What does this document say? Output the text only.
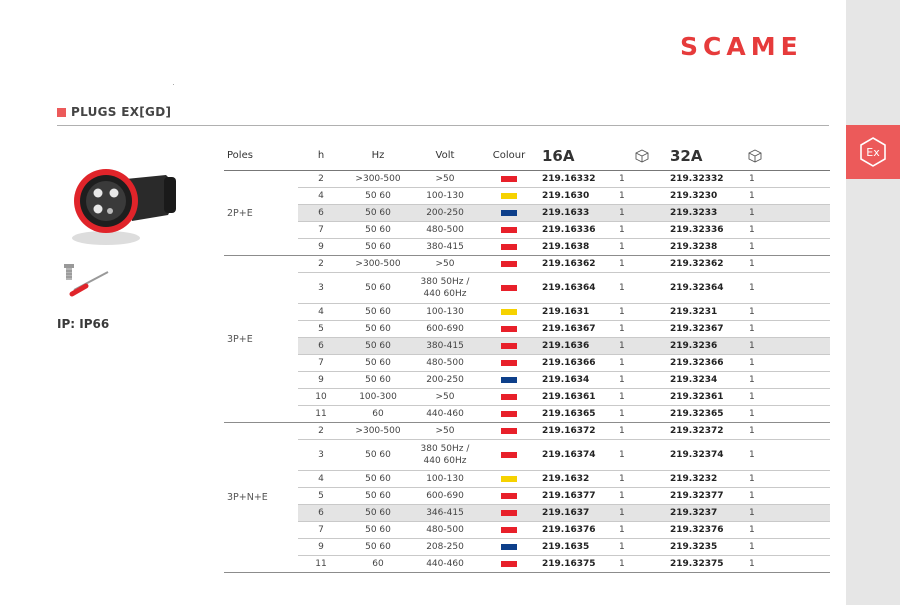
Ex
SCAME
PLUGS EX[GD]
IP: IP66
Poles	h	Hz	Volt	Colour	16A		32A	
2P+E	2	>300-500	>50		219.16332	1	219.32332	1
	4	50 60	100-130		219.1630	1	219.3230	1
	6	50 60	200-250		219.1633	1	219.3233	1
	7	50 60	480-500		219.16336	1	219.32336	1
	9	50 60	380-415		219.1638	1	219.3238	1
3P+E	2	>300-500	>50		219.16362	1	219.32362	1
	3	50 60	380 50Hz /
440 60Hz		219.16364	1	219.32364	1
	4	50 60	100-130		219.1631	1	219.3231	1
	5	50 60	600-690		219.16367	1	219.32367	1
	6	50 60	380-415		219.1636	1	219.3236	1
	7	50 60	480-500		219.16366	1	219.32366	1
	9	50 60	200-250		219.1634	1	219.3234	1
	10	100-300	>50		219.16361	1	219.32361	1
	11	60	440-460		219.16365	1	219.32365	1
3P+N+E	2	>300-500	>50		219.16372	1	219.32372	1
	3	50 60	380 50Hz /
440 60Hz		219.16374	1	219.32374	1
	4	50 60	100-130		219.1632	1	219.3232	1
	5	50 60	600-690		219.16377	1	219.32377	1
	6	50 60	346-415		219.1637	1	219.3237	1
	7	50 60	480-500		219.16376	1	219.32376	1
	9	50 60	208-250		219.1635	1	219.3235	1
	11	60	440-460		219.16375	1	219.32375	1
